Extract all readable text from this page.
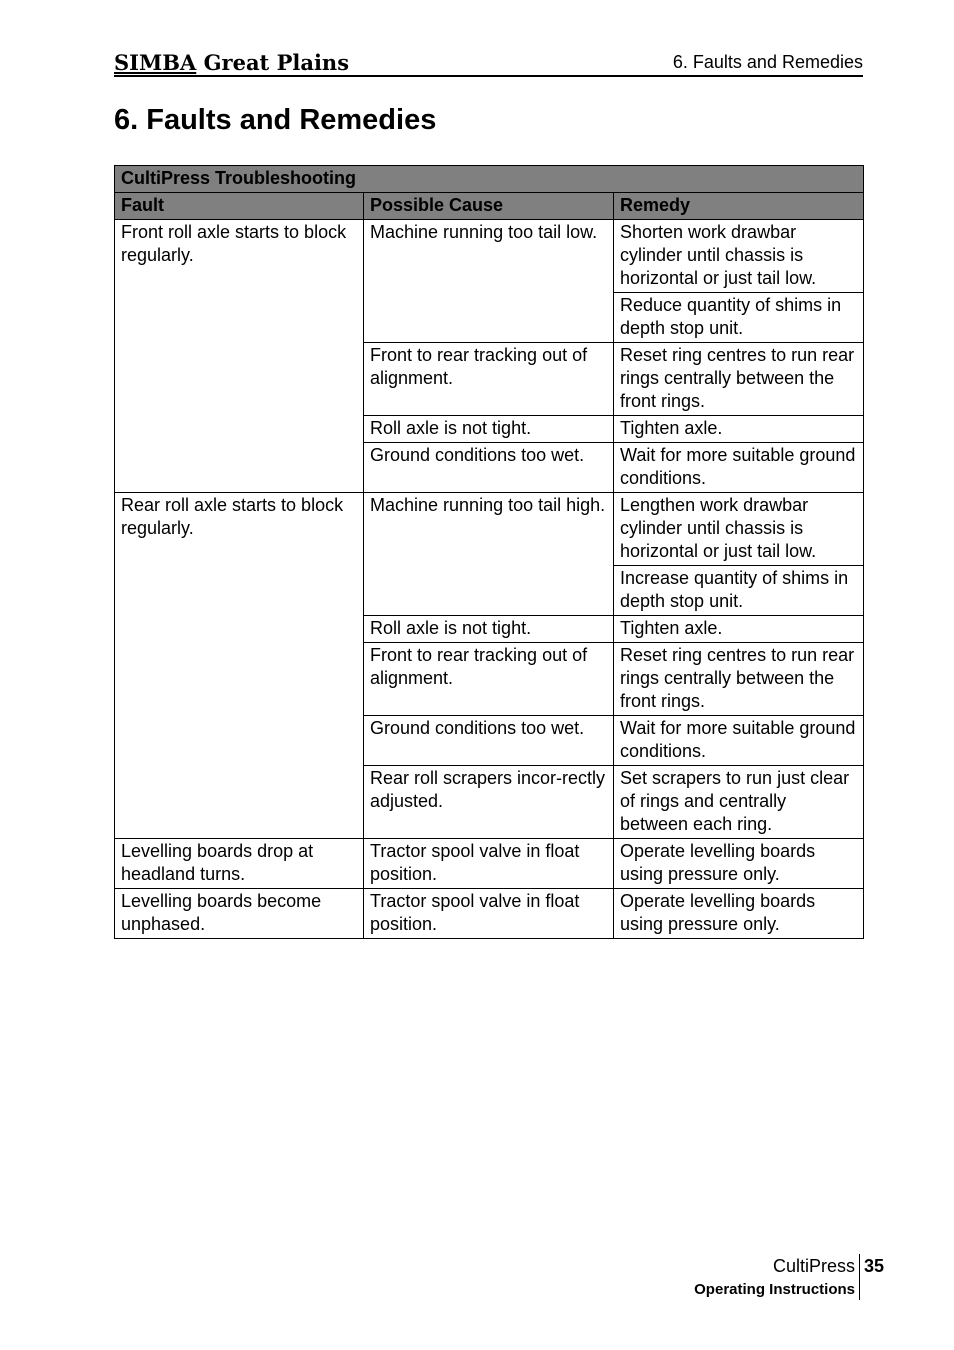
SIMBA Great Plains	6. Faults and Remedies
6. Faults and Remedies
CultiPress Troubleshooting		
Fault	Possible Cause	Remedy
Front roll axle starts to block regularly.	Machine running too tail low.	Shorten work drawbar cylinder until chassis is horizontal or just tail low.
		Reduce quantity of shims in depth stop unit.
	Front to rear tracking out of alignment.	Reset ring centres to run rear rings centrally between the front rings.
	Roll axle is not tight.	Tighten axle.
	Ground conditions too wet.	Wait for more suitable ground conditions.
Rear roll axle starts to block regularly.	Machine running too tail high.	Lengthen work drawbar cylinder until chassis is horizontal or just tail low.
		Increase quantity of shims in depth stop unit.
	Roll axle is not tight.	Tighten axle.
	Front to rear tracking out of alignment.	Reset ring centres to run rear rings centrally between the front rings.
	Ground conditions too wet.	Wait for more suitable ground conditions.
	Rear roll scrapers incor-rectly adjusted.	Set scrapers to run just clear of rings and centrally between each ring.
Levelling boards drop at headland turns.	Tractor spool valve in float position.	Operate levelling boards using pressure only.
Levelling boards become unphased.	Tractor spool valve in float position.	Operate levelling boards using pressure only.
CultiPress 35
Operating Instructions
